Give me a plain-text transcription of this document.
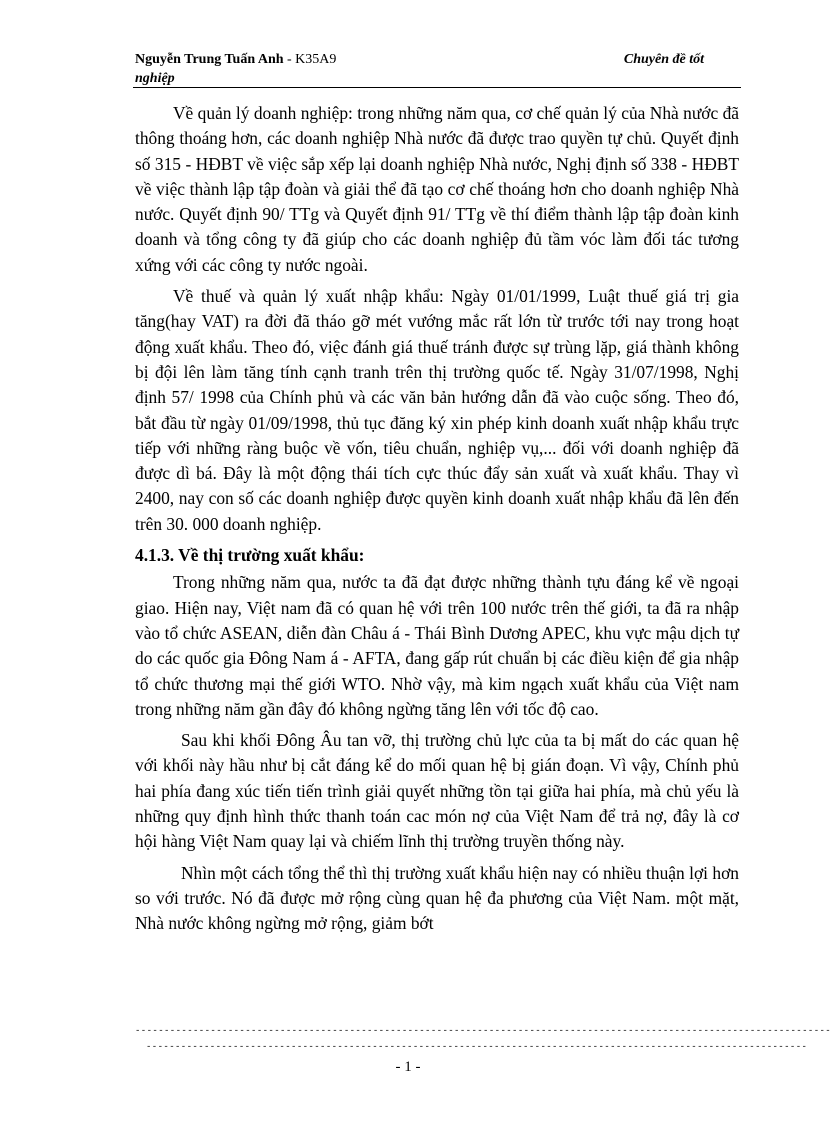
Nguyễn Trung Tuấn Anh - K35A9	Chuyên đề tốt
nghiệp

Về quản lý doanh nghiệp: trong những năm qua, cơ chế quản lý của Nhà nước đã thông thoáng hơn, các doanh nghiệp Nhà nước đã được trao quyền tự chủ. Quyết định số 315 - HĐBT về việc sắp xếp lại doanh nghiệp Nhà nước, Nghị định số 338 - HĐBT về việc thành lập tập đoàn và giải thể đã tạo cơ chế thoáng hơn cho doanh nghiệp Nhà nước. Quyết định 90/ TTg và Quyết định 91/ TTg về thí điểm thành lập tập đoàn kinh doanh và tổng công ty đã giúp cho các doanh nghiệp đủ tầm vóc làm đối tác tương xứng với các công ty nước ngoài.

Về thuế và quản lý xuất nhập khẩu: Ngày 01/01/1999, Luật thuế giá trị gia tăng(hay VAT) ra đời đã tháo gỡ mét vướng mắc rất lớn từ trước tới nay trong hoạt động xuất khẩu. Theo đó, việc đánh giá thuế tránh được sự trùng lặp, giá thành không bị đội lên làm tăng tính cạnh tranh trên thị trường quốc tế. Ngày 31/07/1998, Nghị định 57/ 1998 của Chính phủ và các văn bản hướng dẫn đã vào cuộc sống. Theo đó, bắt đầu từ ngày 01/09/1998, thủ tục đăng ký xin phép kinh doanh xuất nhập khẩu trực tiếp với những ràng buộc về vốn, tiêu chuẩn, nghiệp vụ,... đối với doanh nghiệp đã được dì bá. Đây là một động thái tích cực thúc đẩy sản xuất và xuất khẩu. Thay vì 2400, nay con số các doanh nghiệp được quyền kinh doanh xuất nhập khẩu đã lên đến trên 30. 000 doanh nghiệp.

4.1.3. Về thị trường xuất khẩu:

Trong những năm qua, nước ta đã đạt được những thành tựu đáng kể về ngoại giao. Hiện nay, Việt nam đã có quan hệ với trên 100 nước trên thế giới, ta đã ra nhập vào tổ chức ASEAN, diễn đàn Châu á - Thái Bình Dương APEC, khu vực mậu dịch tự do các quốc gia Đông Nam á - AFTA, đang gấp rút chuẩn bị các điều kiện để gia nhập tổ chức thương mại thế giới WTO. Nhờ vậy, mà kim ngạch xuất khẩu của Việt nam trong những năm gần đây đó không ngừng tăng lên với tốc độ cao.

Sau khi khối Đông Âu tan vỡ, thị trường chủ lực của ta bị mất do các quan hệ với khối này hầu như bị cắt đáng kể do mối quan hệ bị gián đoạn. Vì vậy, Chính phủ hai phía đang xúc tiến tiến trình giải quyết những tồn tại giữa hai phía, mà chủ yếu là những quy định hình thức thanh toán cac món nợ của Việt Nam để trả nợ, đây là cơ hội hàng Việt Nam quay lại và chiếm lĩnh thị trường truyền thống này.

Nhìn một cách tổng thể thì thị trường xuất khẩu hiện nay có nhiều thuận lợi hơn so với trước. Nó đã được mở rộng cùng quan hệ đa phương của Việt Nam. một mặt, Nhà nước không ngừng mở rộng, giảm bớt

------------------------------------------------------------------------------------------------------------------------
------------------------------------------------------------------------------------------------------------------
- 1 -
